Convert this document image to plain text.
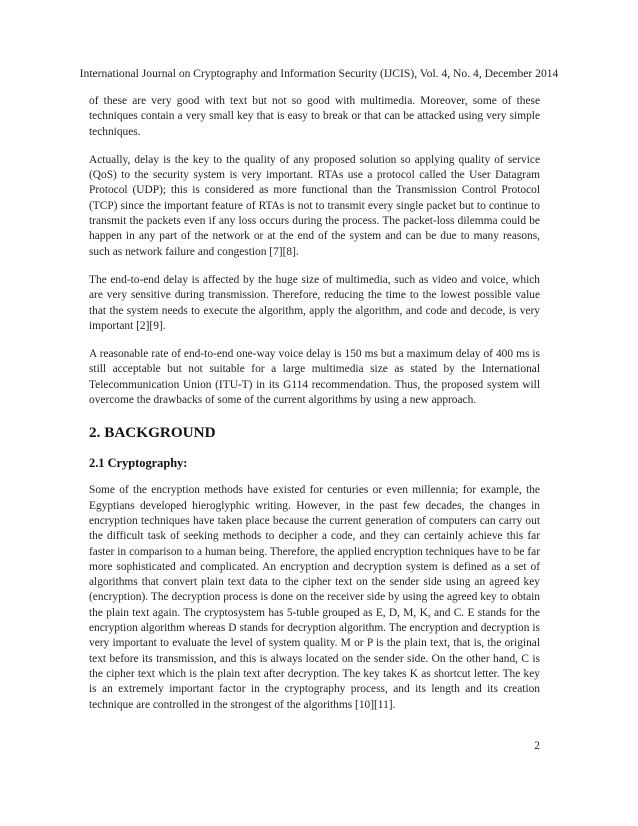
International Journal on Cryptography and Information Security (IJCIS), Vol. 4, No. 4, December 2014

of these are very good with text but not so good with multimedia. Moreover, some of these techniques contain a very small key that is easy to break or that can be attacked using very simple techniques.

Actually, delay is the key to the quality of any proposed solution so applying quality of service (QoS) to the security system is very important. RTAs use a protocol called the User Datagram Protocol (UDP); this is considered as more functional than the Transmission Control Protocol (TCP) since the important feature of RTAs is not to transmit every single packet but to continue to transmit the packets even if any loss occurs during the process. The packet-loss dilemma could be happen in any part of the network or at the end of the system and can be due to many reasons, such as network failure and congestion [7][8].

The end-to-end delay is affected by the huge size of multimedia, such as video and voice, which are very sensitive during transmission. Therefore, reducing the time to the lowest possible value that the system needs to execute the algorithm, apply the algorithm, and code and decode, is very important [2][9].

A reasonable rate of end-to-end one-way voice delay is 150 ms but a maximum delay of 400 ms is still acceptable but not suitable for a large multimedia size as stated by the International Telecommunication Union (ITU-T) in its G114 recommendation. Thus, the proposed system will overcome the drawbacks of some of the current algorithms by using a new approach.

2. BACKGROUND
2.1 Cryptography:

Some of the encryption methods have existed for centuries or even millennia; for example, the Egyptians developed hieroglyphic writing. However, in the past few decades, the changes in encryption techniques have taken place because the current generation of computers can carry out the difficult task of seeking methods to decipher a code, and they can certainly achieve this far faster in comparison to a human being. Therefore, the applied encryption techniques have to be far more sophisticated and complicated. An encryption and decryption system is defined as a set of algorithms that convert plain text data to the cipher text on the sender side using an agreed key (encryption). The decryption process is done on the receiver side by using the agreed key to obtain the plain text again. The cryptosystem has 5-tuble grouped as E, D, M, K, and C. E stands for the encryption algorithm whereas D stands for decryption algorithm. The encryption and decryption is very important to evaluate the level of system quality. M or P is the plain text, that is, the original text before its transmission, and this is always located on the sender side. On the other hand, C is the cipher text which is the plain text after decryption. The key takes K as shortcut letter. The key is an extremely important factor in the cryptography process, and its length and its creation technique are controlled in the strongest of the algorithms [10][11].

2
